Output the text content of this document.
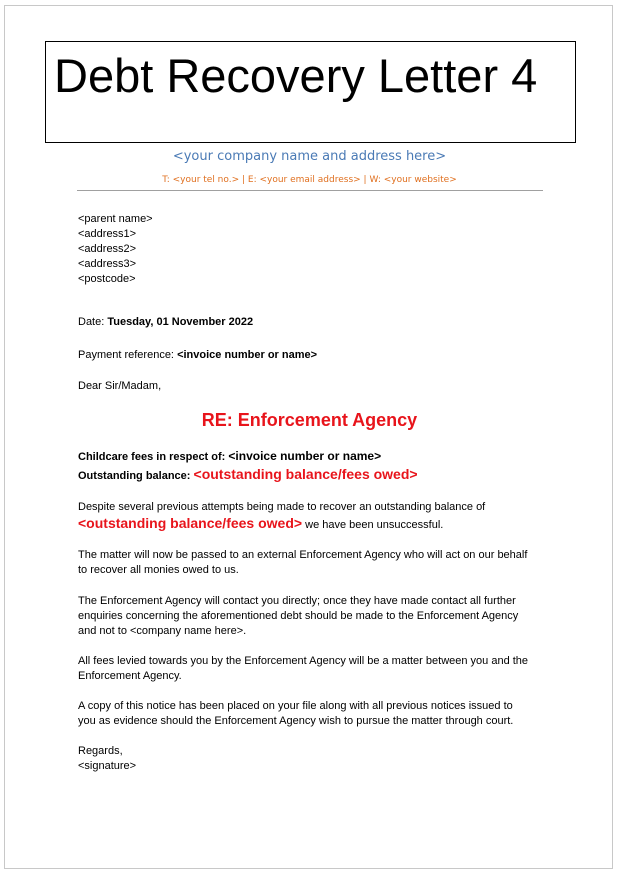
Debt Recovery Letter 4
<your company name and address here>
T: <your tel no.> | E: <your email address> | W: <your website>
<parent name>
<address1>
<address2>
<address3>
<postcode>
Date: Tuesday, 01 November 2022
Payment reference: <invoice number or name>
Dear Sir/Madam,
RE: Enforcement Agency
Childcare fees in respect of: <invoice number or name>
Outstanding balance: <outstanding balance/fees owed>
Despite several previous attempts being made to recover an outstanding balance of
<outstanding balance/fees owed> we have been unsuccessful.
The matter will now be passed to an external Enforcement Agency who will act on our behalf
to recover all monies owed to us.
The Enforcement Agency will contact you directly; once they have made contact all further
enquiries concerning the aforementioned debt should be made to the Enforcement Agency
and not to <company name here>.
All fees levied towards you by the Enforcement Agency will be a matter between you and the
Enforcement Agency.
A copy of this notice has been placed on your file along with all previous notices issued to
you as evidence should the Enforcement Agency wish to pursue the matter through court.
Regards,
<signature>
